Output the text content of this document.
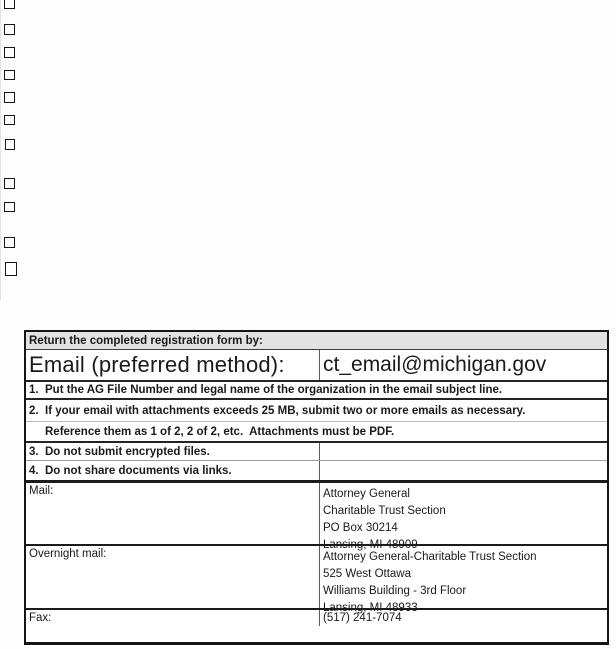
Return the completed registration form by:
Email (preferred method): ct_email@michigan.gov
1. Put the AG File Number and legal name of the organization in the email subject line.
2. If your email with attachments exceeds 25 MB, submit two or more emails as necessary.
Reference them as 1 of 2, 2 of 2, etc.  Attachments must be PDF.
3. Do not submit encrypted files.
4. Do not share documents via links.
Mail:	Attorney General
Charitable Trust Section
PO Box 30214
Lansing, MI 48909
Overnight mail:	Attorney General-Charitable Trust Section
525 West Ottawa
Williams Building - 3rd Floor
Lansing, MI 48933
Fax:	(517) 241-7074
